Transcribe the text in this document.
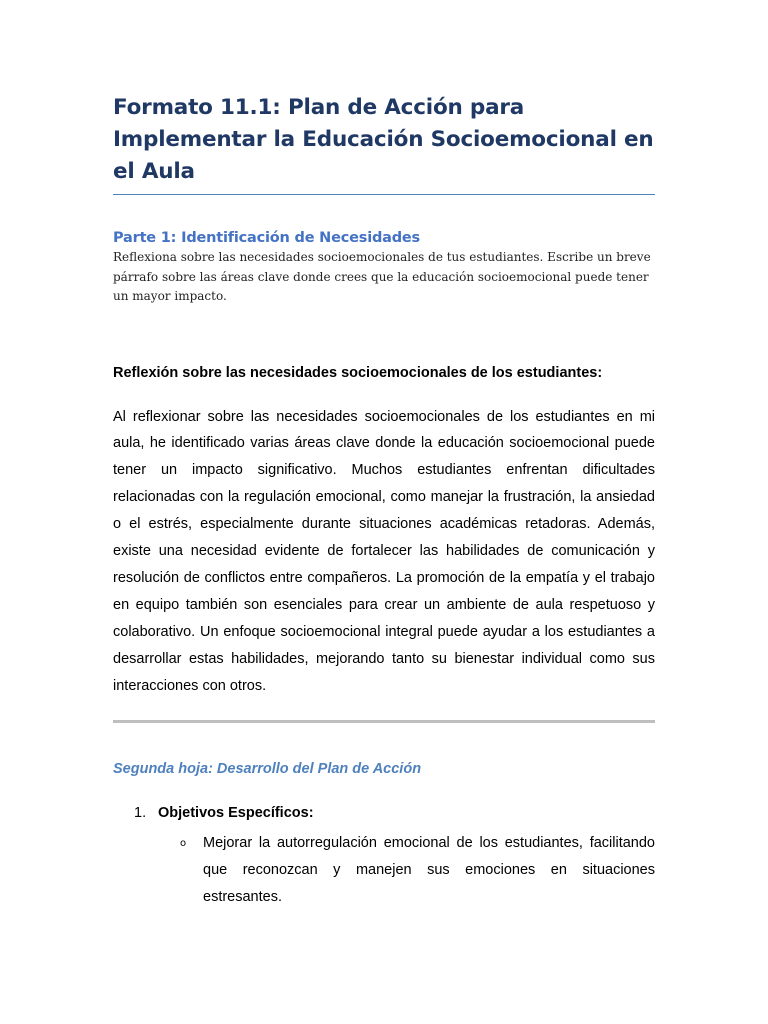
Formato 11.1: Plan de Acción para Implementar la Educación Socioemocional en el Aula
Parte 1: Identificación de Necesidades

Reflexiona sobre las necesidades socioemocionales de tus estudiantes. Escribe un breve párrafo sobre las áreas clave donde crees que la educación socioemocional puede tener un mayor impacto.

Reflexión sobre las necesidades socioemocionales de los estudiantes:

Al reflexionar sobre las necesidades socioemocionales de los estudiantes en mi aula, he identificado varias áreas clave donde la educación socioemocional puede tener un impacto significativo. Muchos estudiantes enfrentan dificultades relacionadas con la regulación emocional, como manejar la frustración, la ansiedad o el estrés, especialmente durante situaciones académicas retadoras. Además, existe una necesidad evidente de fortalecer las habilidades de comunicación y resolución de conflictos entre compañeros. La promoción de la empatía y el trabajo en equipo también son esenciales para crear un ambiente de aula respetuoso y colaborativo. Un enfoque socioemocional integral puede ayudar a los estudiantes a desarrollar estas habilidades, mejorando tanto su bienestar individual como sus interacciones con otros.

Segunda hoja: Desarrollo del Plan de Acción
1. Objetivos Específicos:
o Mejorar la autorregulación emocional de los estudiantes, facilitando que reconozcan y manejen sus emociones en situaciones estresantes.
